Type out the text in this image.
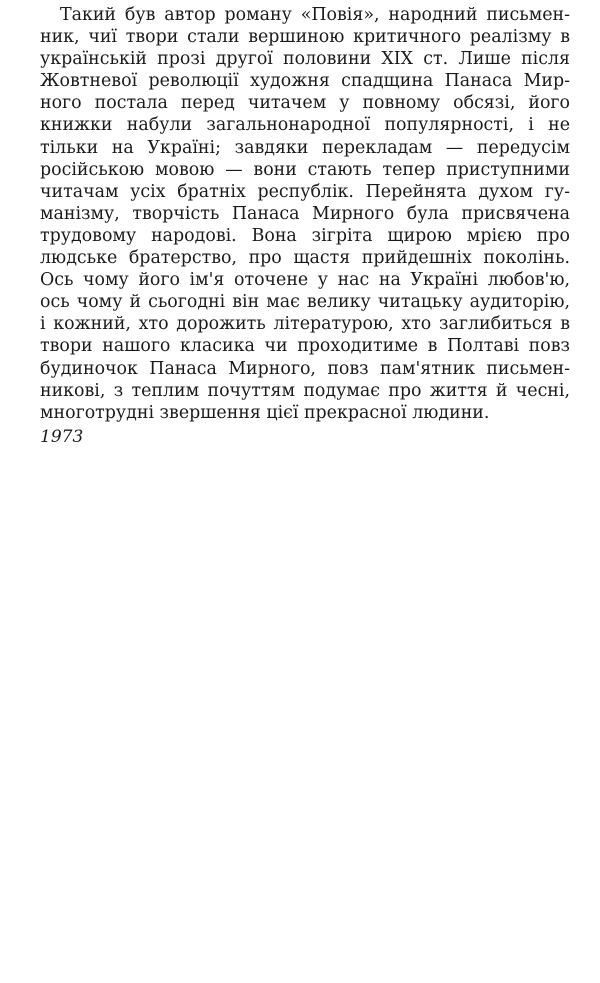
Такий був автор роману «Повія», народний письмен-
ник, чиї твори стали вершиною критичного реалізму в
українській прозі другої половини XIX ст. Лише після
Жовтневої революції художня спадщина Панаса Мир-
ного постала перед читачем у повному обсязі, його
книжки набули загальнонародної популярності, і не
тільки на Україні; завдяки перекладам — передусім
російською мовою — вони стають тепер приступними
читачам усіх братніх республік. Перейнята духом гу-
манізму, творчість Панаса Мирного була присвячена
трудовому народові. Вона зігріта щирою мрією про
людське братерство, про щастя прийдешніх поколінь.
Ось чому його ім'я оточене у нас на Україні любов'ю,
ось чому й сьогодні він має велику читацьку аудиторію,
і кожний, хто дорожить літературою, хто заглибиться в
твори нашого класика чи проходитиме в Полтаві повз
будиночок Панаса Мирного, повз пам'ятник письмен-
никові, з теплим почуттям подумає про життя й чесні,
многотрудні звершення цієї прекрасної людини.

1973
